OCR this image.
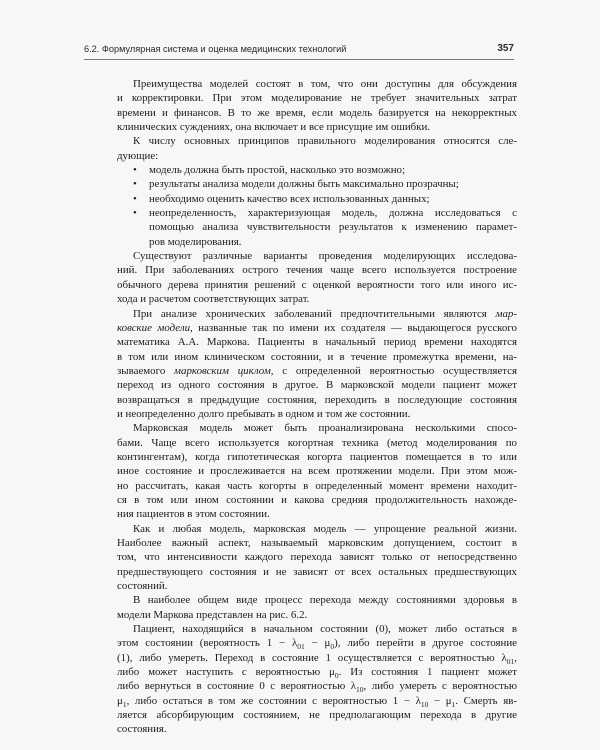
6.2. Формулярная система и оценка медицинских технологий	357
Преимущества моделей состоят в том, что они доступны для обсуждения
и корректировки. При этом моделирование не требует значительных затрат
времени и финансов. В то же время, если модель базируется на некорректных
клинических суждениях, она включает и все присущие им ошибки.
К числу основных принципов правильного моделирования относятся сле-
дующие:
модель должна быть простой, насколько это возможно;
•
результаты анализа модели должны быть максимально прозрачны;
•
необходимо оценить качество всех использованных данных;
•
неопределенность, характеризующая модель, должна исследоваться с
•
помощью анализа чувствительности результатов к изменению парамет-
ров моделирования.
Существуют различные варианты проведения моделирующих исследова-
ний. При заболеваниях острого течения чаще всего используется построение
обычного дерева принятия решений с оценкой вероятности того или иного ис-
хода и расчетом соответствующих затрат.
При анализе хронических заболеваний предпочтительными являются мар-
ковские модели, названные так по имени их создателя — выдающегося русского
математика А.А. Маркова. Пациенты в начальный период времени находятся
в том или ином клиническом состоянии, и в течение промежутка времени, на-
зываемого марковским циклом, с определенной вероятностью осуществляется
переход из одного состояния в другое. В марковской модели пациент может
возвращаться в предыдущие состояния, переходить в последующие состояния
и неопределенно долго пребывать в одном и том же состоянии.
Марковская модель может быть проанализирована несколькими спосо-
бами. Чаще всего используется когортная техника (метод моделирования по
контингентам), когда гипотетическая когорта пациентов помещается в то или
иное состояние и прослеживается на всем протяжении модели. При этом мож-
но рассчитать, какая часть когорты в определенный момент времени находит-
ся в том или ином состоянии и какова средняя продолжительность нахожде-
ния пациентов в этом состоянии.
Как и любая модель, марковская модель — упрощение реальной жизни.
Наиболее важный аспект, называемый марковским допущением, состоит в
том, что интенсивности каждого перехода зависят только от непосредственно
предшествующего состояния и не зависят от всех остальных предшествующих
состояний.
В наиболее общем виде процесс перехода между состояниями здоровья в
модели Маркова представлен на рис. 6.2.
Пациент, находящийся в начальном состоянии (0), может либо остаться в
этом состоянии (вероятность $1 - \lambda_{01} - \mu_0$), либо перейти в другое состояние
(1), либо умереть. Переход в состояние 1 осуществляется с вероятностью $\lambda_{01}$,
либо может наступить с вероятностью $\mu_0$. Из состояния 1 пациент может
либо вернуться в состояние 0 с вероятностью $\lambda_{10}$, либо умереть с вероятностью
$\mu_1$, либо остаться в том же состоянии с вероятностью $1 - \lambda_{10} - \mu_1$. Смерть яв-
ляется абсорбирующим состоянием, не предполагающим перехода в другие
состояния.
